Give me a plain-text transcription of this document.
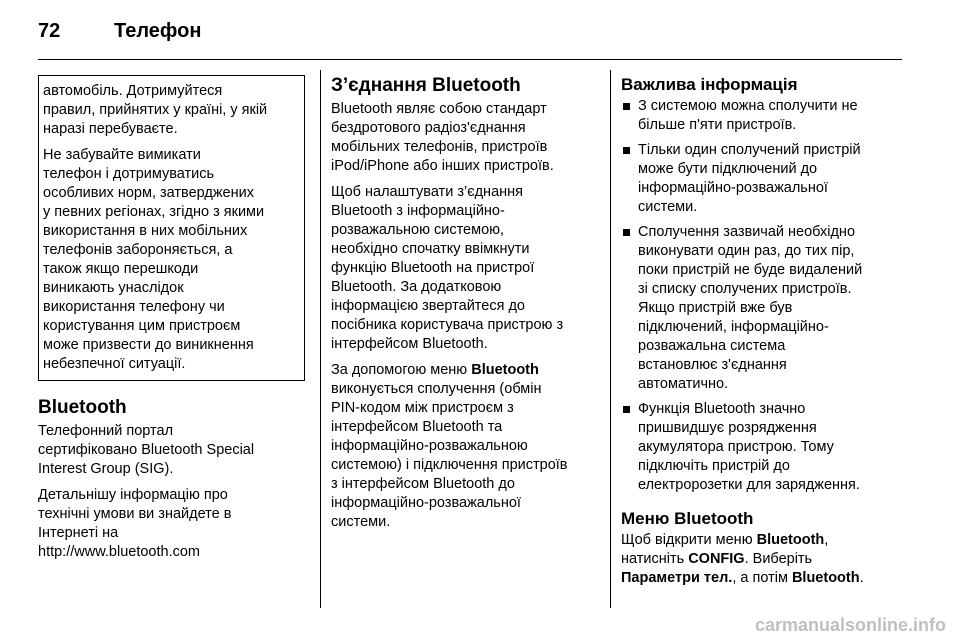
72	Телефон

автомобіль. Дотримуйтеся
правил, прийнятих у країні, у якій
наразі перебуваєте.

Не забувайте вимикати
телефон і дотримуватись
особливих норм, затверджених
у певних регіонах, згідно з якими
використання в них мобільних
телефонів забороняється, а
також якщо перешкоди
виникають унаслідок
використання телефону чи
користування цим пристроєм
може призвести до виникнення
небезпечної ситуації.

Bluetooth

Телефонний портал

сертифіковано Bluetooth Special
Interest Group (SIG).

Детальнішу інформацію про
технічні умови ви знайдете в
Інтернеті на
http://www.bluetooth.com

З’єднання Bluetooth

Bluetooth являє собою стандарт
бездротового радіоз'єднання
мобільних телефонів, пристроїв
iPod/iPhone або інших пристроїв.

Щоб налаштувати з’єднання
Bluetooth з інформаційно-
розважальною системою,
необхідно спочатку ввімкнути
функцію Bluetooth на пристрої
Bluetooth. За додатковою
інформацією звертайтеся до
посібника користувача пристрою з
інтерфейсом Bluetooth.

За допомогою меню Bluetooth
виконується сполучення (обмін
PIN-кодом між пристроєм з
інтерфейсом Bluetooth та
інформаційно-розважальною
системою) і підключення пристроїв
з інтерфейсом Bluetooth до
інформаційно-розважальної
системи.

Важлива інформація
З системою можна сполучити не
більше п'яти пристроїв.
Тільки один сполучений пристрій
може бути підключений до
інформаційно-розважальної
системи.
Сполучення зазвичай необхідно
виконувати один раз, до тих пір,
поки пристрій не буде видалений
зі списку сполучених пристроїв.
Якщо пристрій вже був
підключений, інформаційно-
розважальна система
встановлює з'єднання
автоматично.
Функція Bluetooth значно
пришвидшує розрядження
акумулятора пристрою. Тому
підключіть пристрій до
електророзетки для зарядження.
Меню Bluetooth

Щоб відкрити меню Bluetooth,
натисніть CONFIG. Виберіть
Параметри тел., а потім Bluetooth.

carmanualsonline.info
